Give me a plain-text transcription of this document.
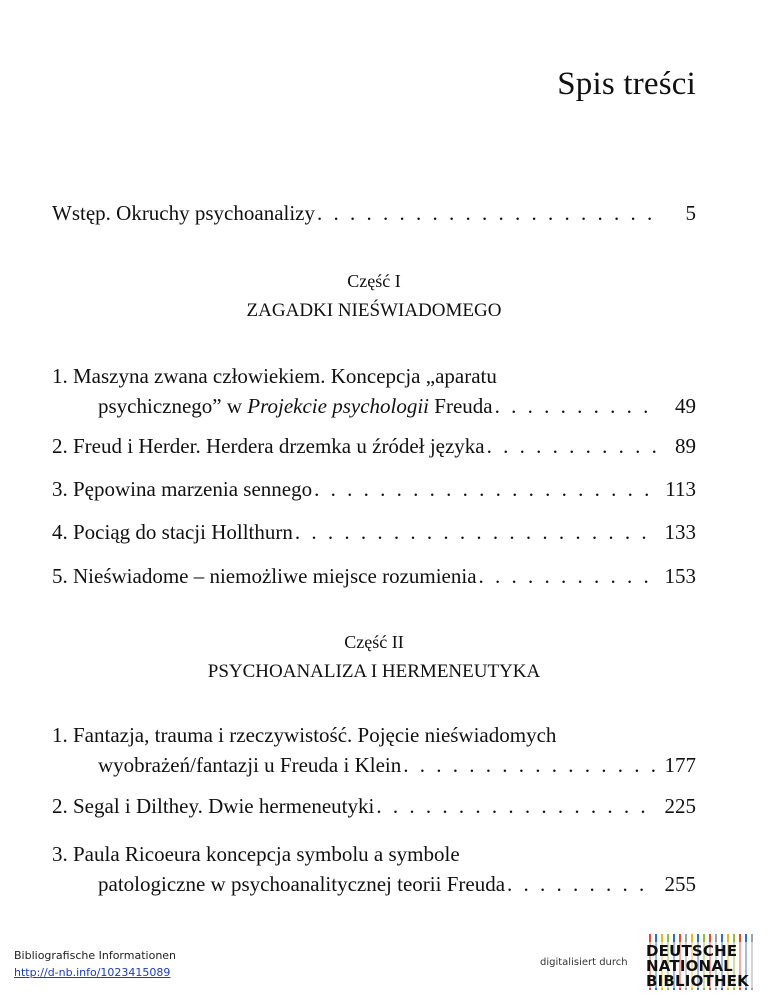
Spis treści
Wstęp. Okruchy psychoanalizy . . .	5
Część I
ZAGADKI NIEŚWIADOMEGO
1. Maszyna zwana człowiekiem. Koncepcja „aparatu
psychicznego” w Projekcie psychologii Freuda . . .	49
2. Freud i Herder. Herdera drzemka u źródeł języka . . .	89
3. Pępowina marzenia sennego . . .	113
4. Pociąg do stacji Hollthurn . . .	133
5. Nieświadome – niemożliwe miejsce rozumienia . . .	153
Część II
PSYCHOANALIZA I HERMENEUTYKA
1. Fantazja, trauma i rzeczywistość. Pojęcie nieświadomych
wyobrażeń/fantazji u Freuda i Klein . . .	177
2. Segal i Dilthey. Dwie hermeneutyki . . .	225
3. Paula Ricoeura koncepcja symbolu a symbole
patologiczne w psychoanalitycznej teorii Freuda . . .	255
Bibliografische Informationen
http://d-nb.info/1023415089
digitalisiert durch
DEUTSCHE
NATIONAL
BIBLIOTHEK
